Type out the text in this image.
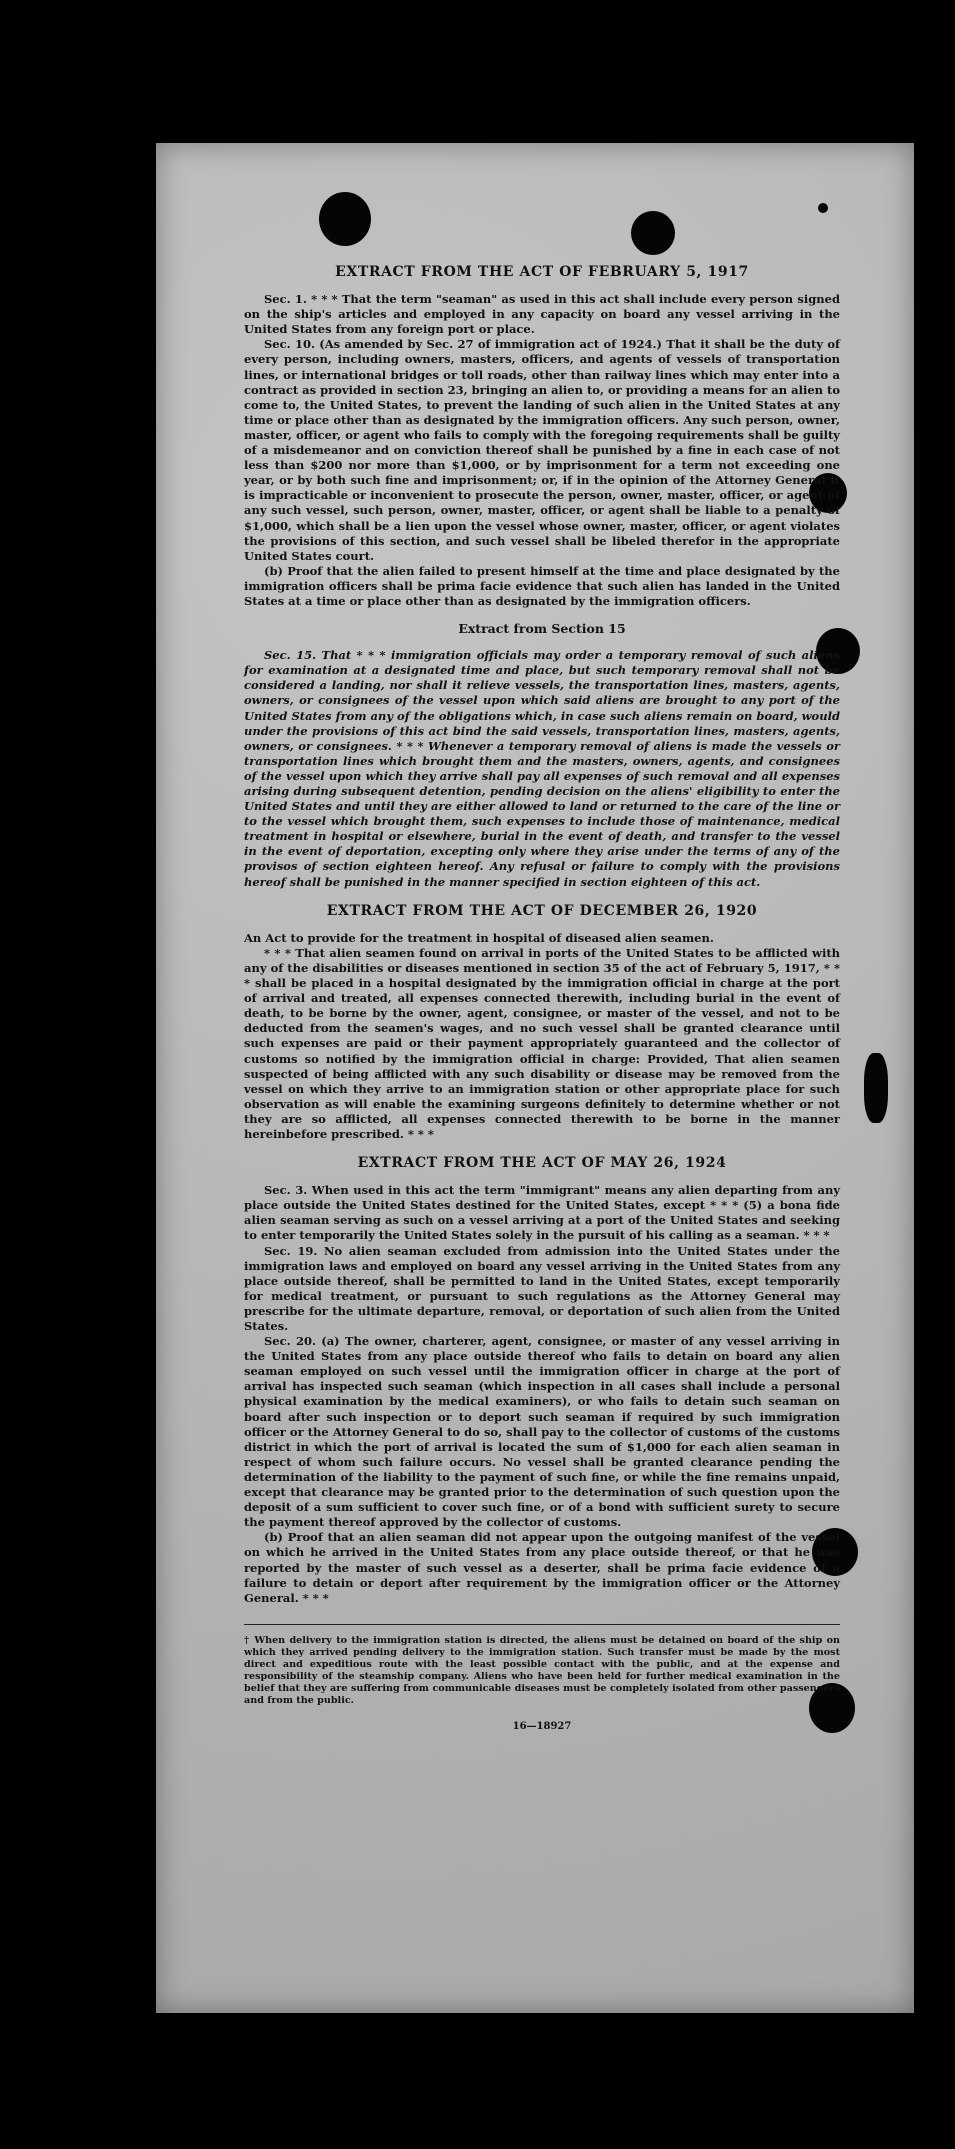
EXTRACT FROM THE ACT OF FEBRUARY 5, 1917

Sec. 1. * * * That the term "seaman" as used in this act shall include every person signed on the ship's articles and employed in any capacity on board any vessel arriving in the United States from any foreign port or place.

Sec. 10. (As amended by Sec. 27 of immigration act of 1924.) That it shall be the duty of every person, including owners, masters, officers, and agents of vessels of transportation lines, or international bridges or toll roads, other than railway lines which may enter into a contract as provided in section 23, bringing an alien to, or providing a means for an alien to come to, the United States, to prevent the landing of such alien in the United States at any time or place other than as designated by the immigration officers. Any such person, owner, master, officer, or agent who fails to comply with the foregoing requirements shall be guilty of a misdemeanor and on conviction thereof shall be punished by a fine in each case of not less than $200 nor more than $1,000, or by imprisonment for a term not exceeding one year, or by both such fine and imprisonment; or, if in the opinion of the Attorney General it is impracticable or inconvenient to prosecute the person, owner, master, officer, or agent of any such vessel, such person, owner, master, officer, or agent shall be liable to a penalty of $1,000, which shall be a lien upon the vessel whose owner, master, officer, or agent violates the provisions of this section, and such vessel shall be libeled therefor in the appropriate United States court.

(b) Proof that the alien failed to present himself at the time and place designated by the immigration officers shall be prima facie evidence that such alien has landed in the United States at a time or place other than as designated by the immigration officers.

Extract from Section 15

Sec. 15. That * * * immigration officials may order a temporary removal of such aliens for examination at a designated time and place, but such temporary removal shall not be considered a landing, nor shall it relieve vessels, the transportation lines, masters, agents, owners, or consignees of the vessel upon which said aliens are brought to any port of the United States from any of the obligations which, in case such aliens remain on board, would under the provisions of this act bind the said vessels, transportation lines, masters, agents, owners, or consignees. * * * Whenever a temporary removal of aliens is made the vessels or transportation lines which brought them and the masters, owners, agents, and consignees of the vessel upon which they arrive shall pay all expenses of such removal and all expenses arising during subsequent detention, pending decision on the aliens' eligibility to enter the United States and until they are either allowed to land or returned to the care of the line or to the vessel which brought them, such expenses to include those of maintenance, medical treatment in hospital or elsewhere, burial in the event of death, and transfer to the vessel in the event of deportation, excepting only where they arise under the terms of any of the provisos of section eighteen hereof. Any refusal or failure to comply with the provisions hereof shall be punished in the manner specified in section eighteen of this act.

EXTRACT FROM THE ACT OF DECEMBER 26, 1920

An Act to provide for the treatment in hospital of diseased alien seamen.

* * * That alien seamen found on arrival in ports of the United States to be afflicted with any of the disabilities or diseases mentioned in section 35 of the act of February 5, 1917, * * * shall be placed in a hospital designated by the immigration official in charge at the port of arrival and treated, all expenses connected therewith, including burial in the event of death, to be borne by the owner, agent, consignee, or master of the vessel, and not to be deducted from the seamen's wages, and no such vessel shall be granted clearance until such expenses are paid or their payment appropriately guaranteed and the collector of customs so notified by the immigration official in charge: Provided, That alien seamen suspected of being afflicted with any such disability or disease may be removed from the vessel on which they arrive to an immigration station or other appropriate place for such observation as will enable the examining surgeons definitely to determine whether or not they are so afflicted, all expenses connected therewith to be borne in the manner hereinbefore prescribed. * * *

EXTRACT FROM THE ACT OF MAY 26, 1924

Sec. 3. When used in this act the term "immigrant" means any alien departing from any place outside the United States destined for the United States, except * * * (5) a bona fide alien seaman serving as such on a vessel arriving at a port of the United States and seeking to enter temporarily the United States solely in the pursuit of his calling as a seaman. * * *

Sec. 19. No alien seaman excluded from admission into the United States under the immigration laws and employed on board any vessel arriving in the United States from any place outside thereof, shall be permitted to land in the United States, except temporarily for medical treatment, or pursuant to such regulations as the Attorney General may prescribe for the ultimate departure, removal, or deportation of such alien from the United States.

Sec. 20. (a) The owner, charterer, agent, consignee, or master of any vessel arriving in the United States from any place outside thereof who fails to detain on board any alien seaman employed on such vessel until the immigration officer in charge at the port of arrival has inspected such seaman (which inspection in all cases shall include a personal physical examination by the medical examiners), or who fails to detain such seaman on board after such inspection or to deport such seaman if required by such immigration officer or the Attorney General to do so, shall pay to the collector of customs of the customs district in which the port of arrival is located the sum of $1,000 for each alien seaman in respect of whom such failure occurs. No vessel shall be granted clearance pending the determination of the liability to the payment of such fine, or while the fine remains unpaid, except that clearance may be granted prior to the determination of such question upon the deposit of a sum sufficient to cover such fine, or of a bond with sufficient surety to secure the payment thereof approved by the collector of customs.

(b) Proof that an alien seaman did not appear upon the outgoing manifest of the vessel on which he arrived in the United States from any place outside thereof, or that he was reported by the master of such vessel as a deserter, shall be prima facie evidence of a failure to detain or deport after requirement by the immigration officer or the Attorney General. * * *

† When delivery to the immigration station is directed, the aliens must be detained on board of the ship on which they arrived pending delivery to the immigration station. Such transfer must be made by the most direct and expeditious route with the least possible contact with the public, and at the expense and responsibility of the steamship company. Aliens who have been held for further medical examination in the belief that they are suffering from communicable diseases must be completely isolated from other passengers and from the public.
16—18927
